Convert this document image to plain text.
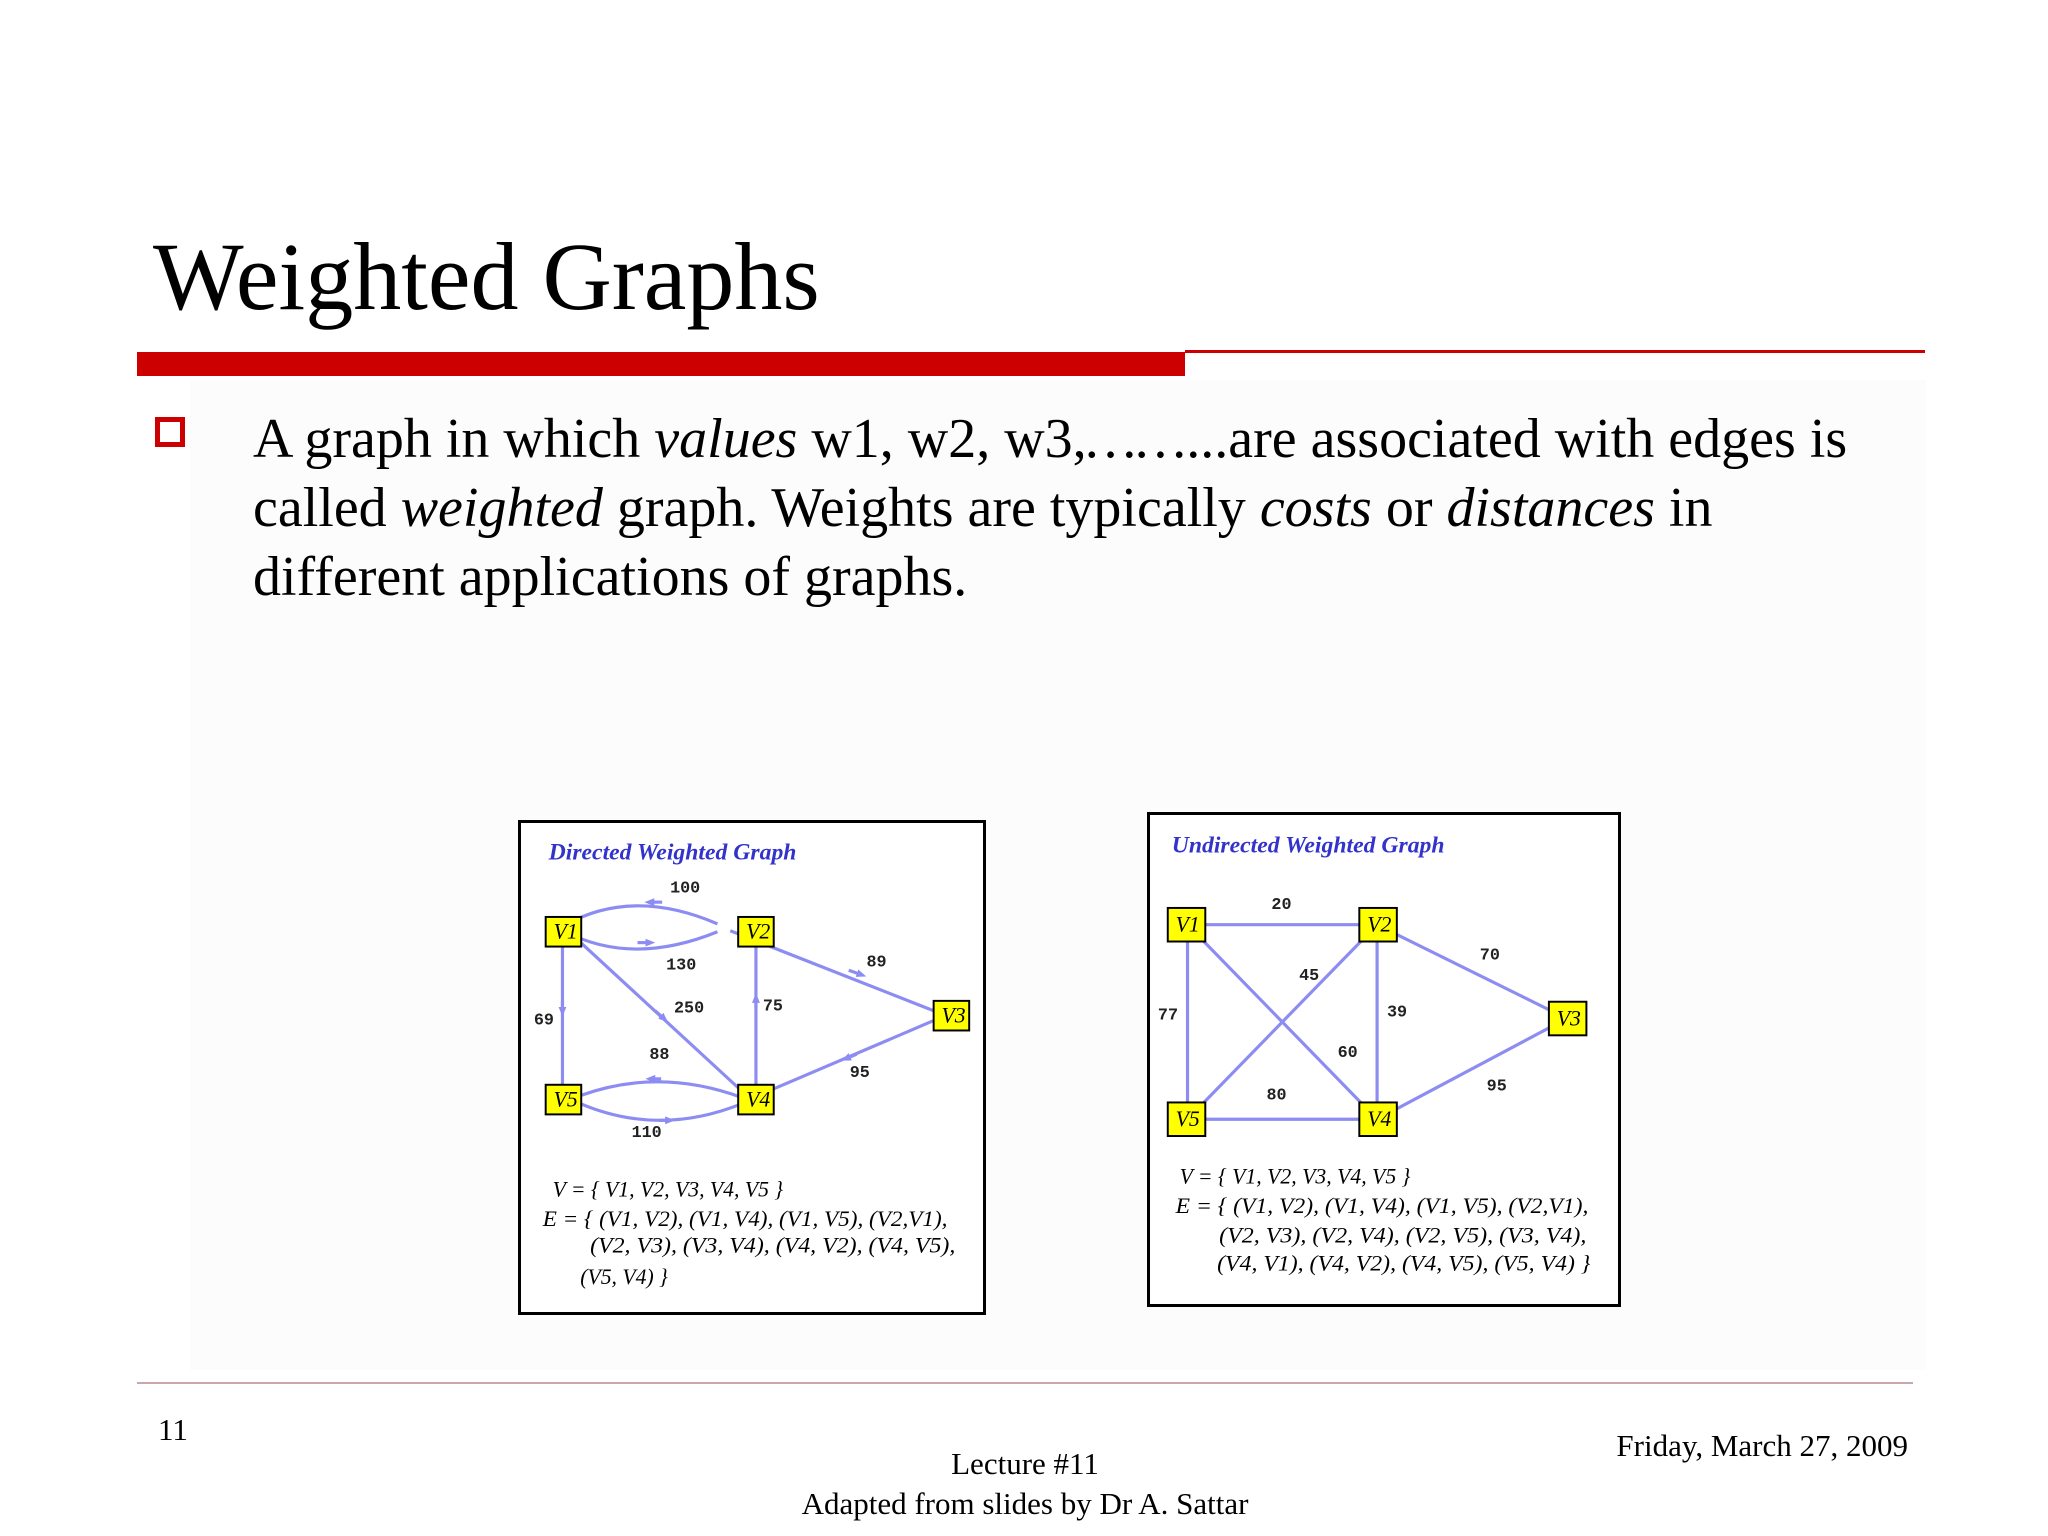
Weighted Graphs
A graph in which values w1, w2, w3,……...are associated with edges is
called weighted graph. Weights are typically costs or distances in
different applications of graphs.
Directed Weighted Graph
100
130	89
69
250	75
88
95
110
V1	V2
V3
V4
V5
V = { V1, V2, V3, V4, V5 }
E = { (V1, V2), (V1, V4), (V1, V5), (V2,V1),
(V2, V3), (V3, V4), (V4, V2), (V4, V5),
(V5, V4) }
Undirected Weighted Graph
20
70
45
77	39
60
80	95
V1	V2
V3
V4
V5
V = { V1, V2, V3, V4, V5 }
E = { (V1, V2), (V1, V4), (V1, V5), (V2,V1),
(V2, V3), (V2, V4), (V2, V5), (V3, V4),
(V4, V1), (V4, V2), (V4, V5), (V5, V4) }
11
Lecture #11
Adapted from slides by Dr A. Sattar
Friday, March 27, 2009
